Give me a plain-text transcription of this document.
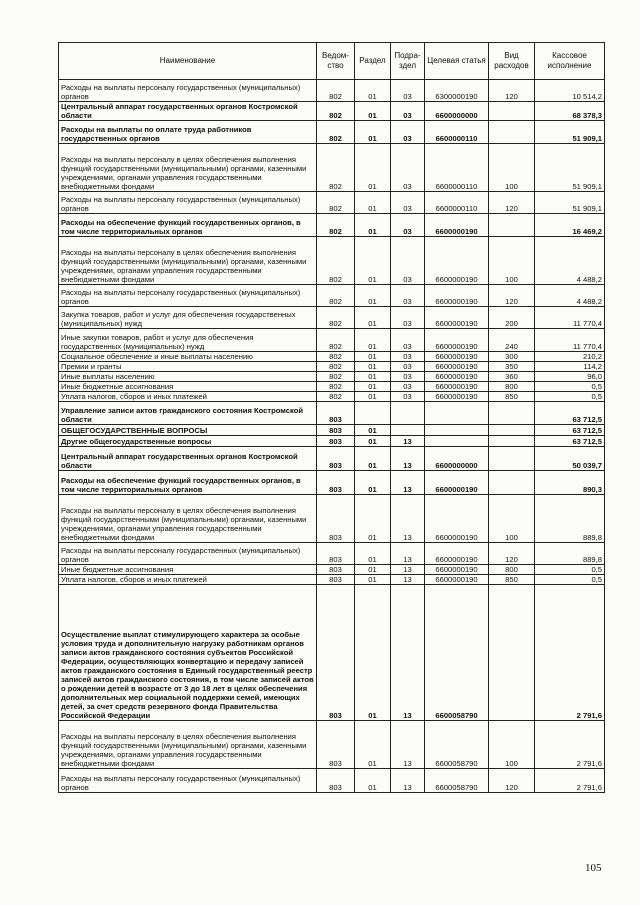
Наименование	Ведом-ство	Раздел	Подра-здел	Целевая статья	Вид расходов	Кассовое исполнение
Расходы на выплаты персоналу государственных (муниципальных) органов	802	01	03	6300000190	120	10 514,2
Центральный аппарат государственных органов Костромской области	802	01	03	6600000000		68 378,3
Расходы на выплаты по оплате труда работников государственных органов	802	01	03	6600000110		51 909,1
Расходы на выплаты персоналу в целях обеспечения выполнения функций государственными (муниципальными) органами, казенными учреждениями, органами управления государственными внебюджетными фондами	802	01	03	6600000110	100	51 909,1
Расходы на выплаты персоналу государственных (муниципальных) органов	802	01	03	6600000110	120	51 909,1
Расходы на обеспечение функций государственных органов, в том числе территориальных органов	802	01	03	6600000190		16 469,2
Расходы на выплаты персоналу в целях обеспечения выполнения функций государственными (муниципальными) органами, казенными учреждениями, органами управления государственными внебюджетными фондами	802	01	03	6600000190	100	4 488,2
Расходы на выплаты персоналу государственных (муниципальных) органов	802	01	03	6600000190	120	4 488,2
Закупка товаров, работ и услуг для обеспечения государственных (муниципальных) нужд	802	01	03	6600000190	200	11 770,4
Иные закупки товаров, работ и услуг для обеспечения государственных (муниципальных) нужд	802	01	03	6600000190	240	11 770,4
Социальное обеспечение и иные выплаты населению	802	01	03	6600000190	300	210,2
Премии и гранты	802	01	03	6600000190	350	114,2
Иные выплаты населению	802	01	03	6600000190	360	96,0
Иные бюджетные ассигнования	802	01	03	6600000190	800	0,5
Уплата налогов, сборов и иных платежей	802	01	03	6600000190	850	0,5
Управление записи актов гражданского состояния Костромской области	803					63 712,5
ОБЩЕГОСУДАРСТВЕННЫЕ ВОПРОСЫ	803	01				63 712,5
Другие общегосударственные вопросы	803	01	13			63 712,5
Центральный аппарат государственных органов Костромской области	803	01	13	6600000000		50 039,7
Расходы на обеспечение функций государственных органов, в том числе территориальных органов	803	01	13	6600000190		890,3
Расходы на выплаты персоналу в целях обеспечения выполнения функций государственными (муниципальными) органами, казенными учреждениями, органами управления государственными внебюджетными фондами	803	01	13	6600000190	100	889,8
Расходы на выплаты персоналу государственных (муниципальных) органов	803	01	13	6600000190	120	889,8
Иные бюджетные ассигнования	803	01	13	6600000190	800	0,5
Уплата налогов, сборов и иных платежей	803	01	13	6600000190	850	0,5
Осуществление выплат стимулирующего характера за особые условия труда и дополнительную нагрузку работникам органов записи актов гражданского состояния субъектов Российской Федерации, осуществляющих конвертацию и передачу записей актов гражданского состояния в Единый государственный реестр записей актов гражданского состояния, в том числе записей актов о рождении детей в возрасте от 3 до 18 лет в целях обеспечения дополнительных мер социальной поддержки семей, имеющих детей, за счет средств резервного фонда Правительства Российской Федерации	803	01	13	6600058790		2 791,6
Расходы на выплаты персоналу в целях обеспечения выполнения функций государственными (муниципальными) органами, казенными учреждениями, органами управления государственными внебюджетными фондами	803	01	13	6600058790	100	2 791,6
Расходы на выплаты персоналу государственных (муниципальных) органов	803	01	13	6600058790	120	2 791,6
105
